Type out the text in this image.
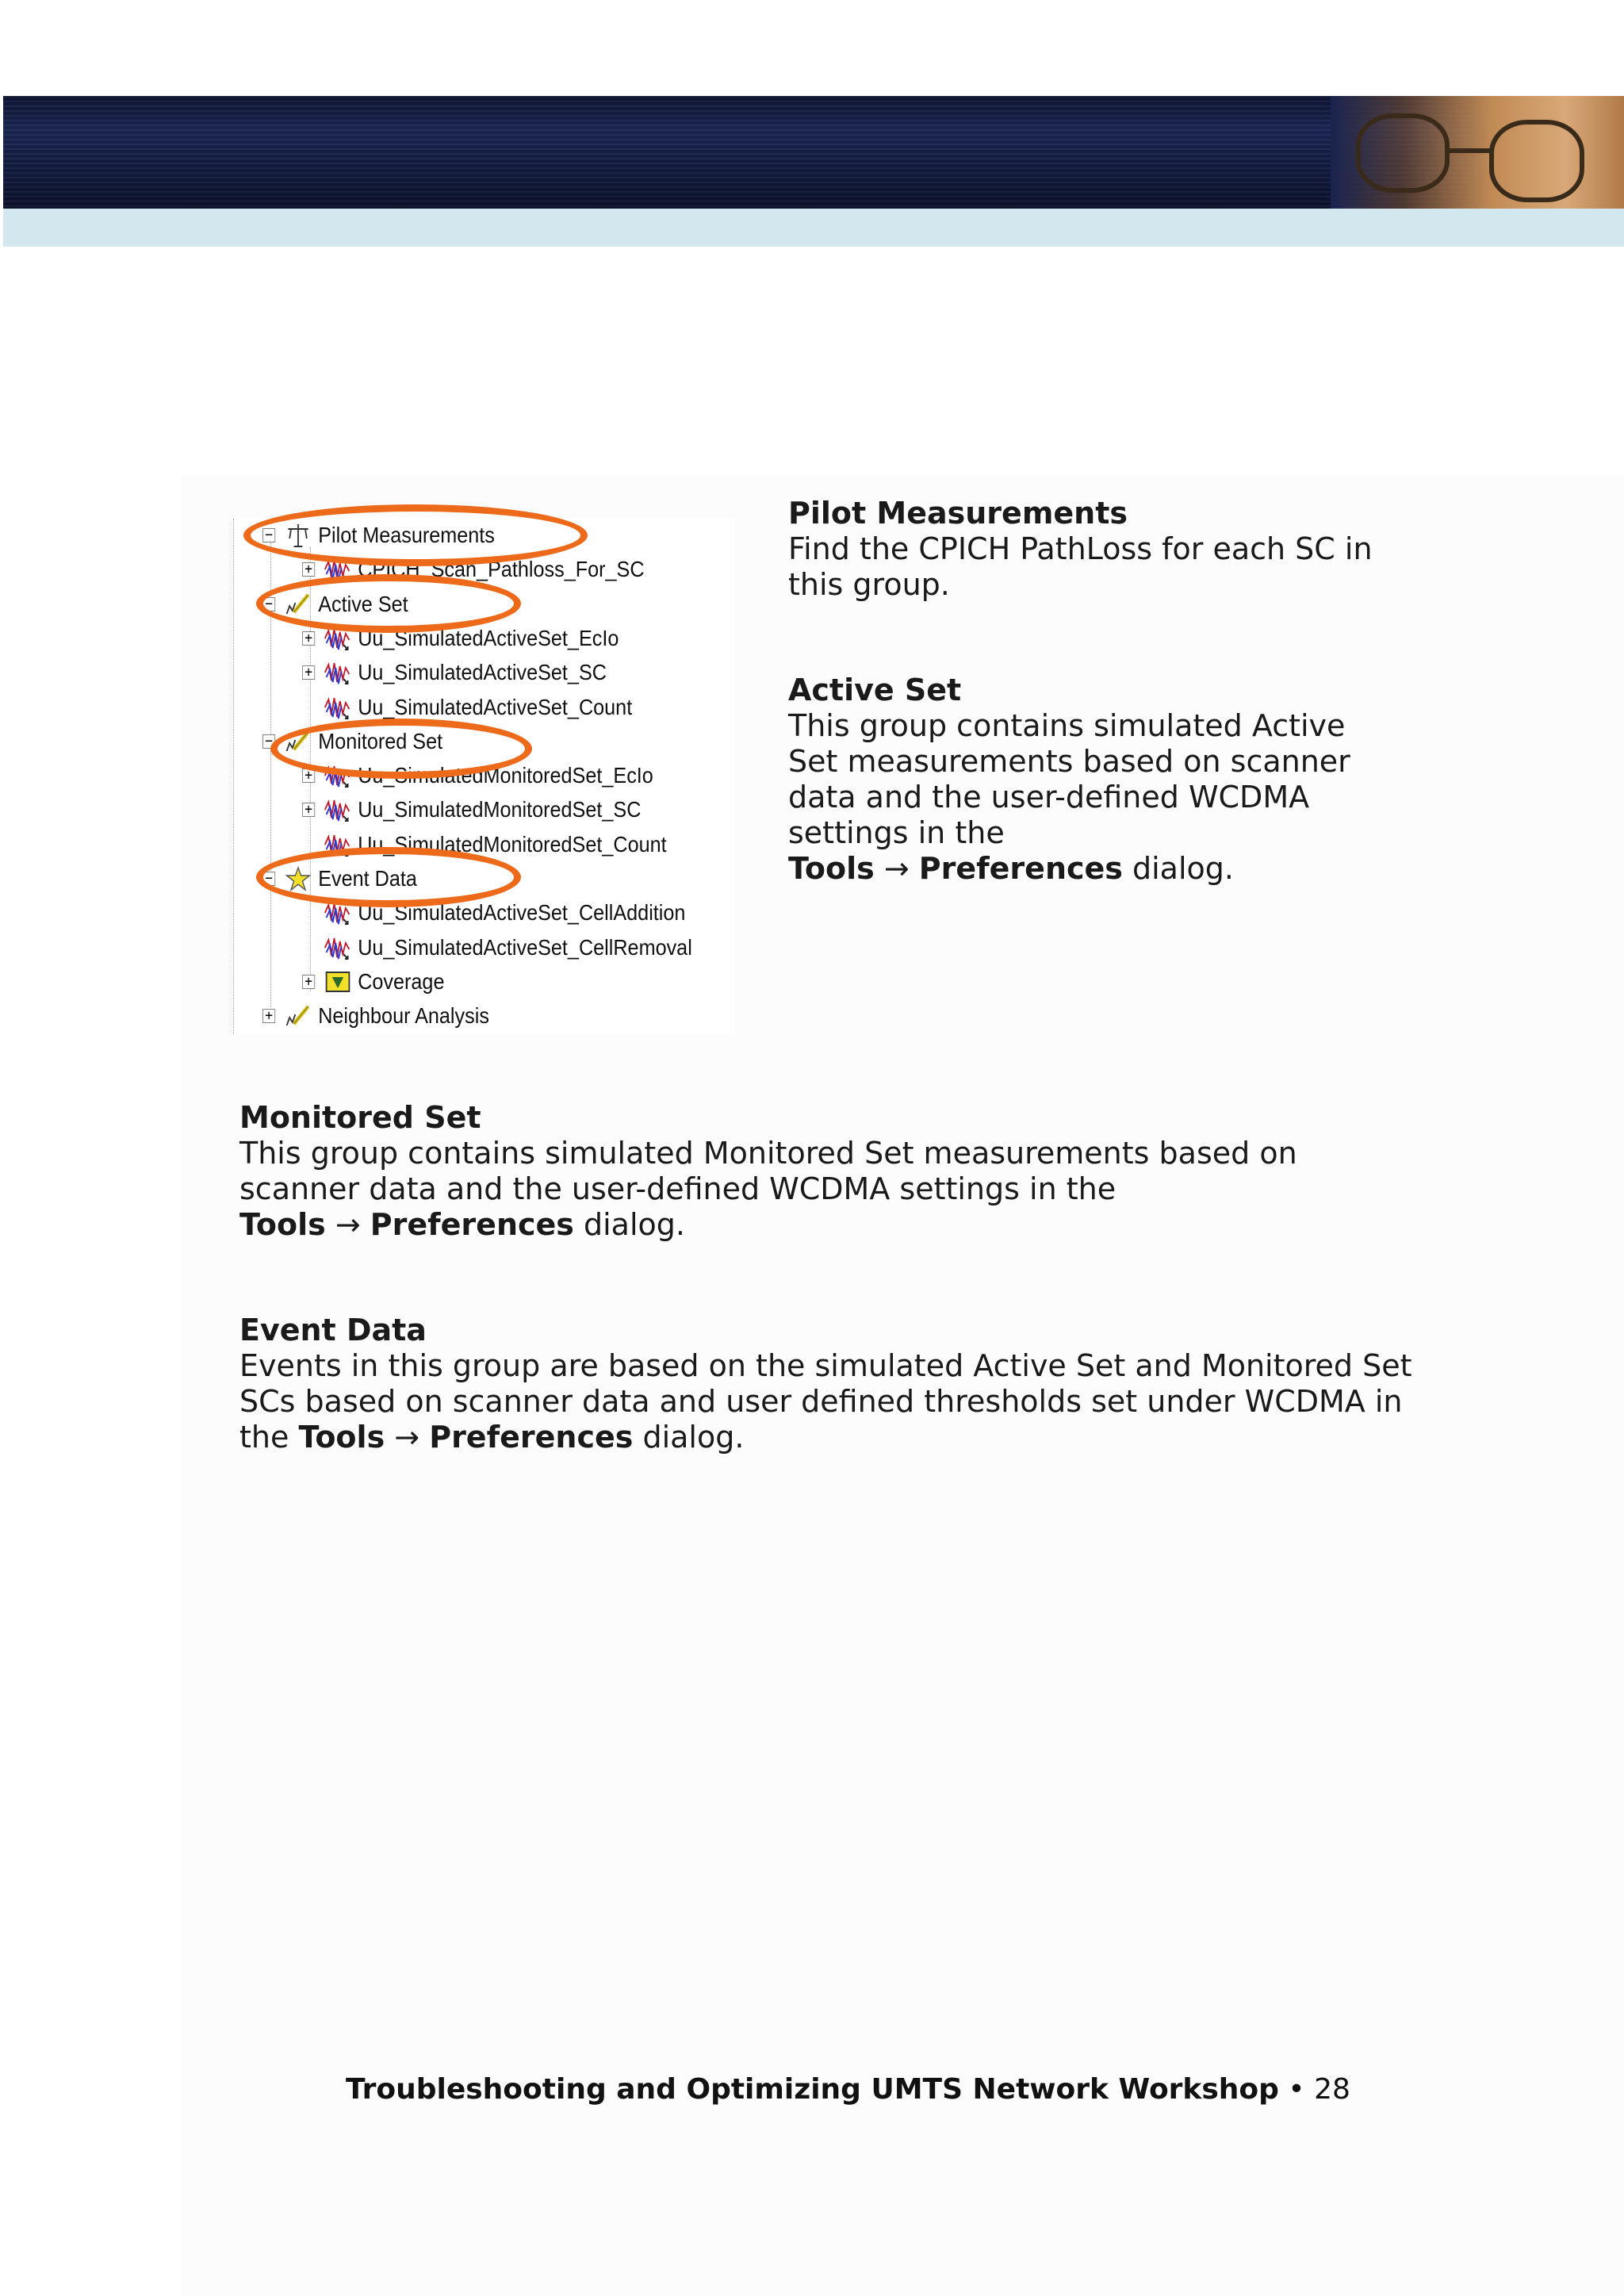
− Pilot Measurements
+ CPICH_Scan_Pathloss_For_SC
− Active Set
+ Uu_SimulatedActiveSet_EcIo
+ Uu_SimulatedActiveSet_SC
Uu_SimulatedActiveSet_Count
− Monitored Set
+ Uu_SimulatedMonitoredSet_EcIo
+ Uu_SimulatedMonitoredSet_SC
Uu_SimulatedMonitoredSet_Count
− Event Data
Uu_SimulatedActiveSet_CellAddition
Uu_SimulatedActiveSet_CellRemoval
+ Coverage
+ Neighbour Analysis
Pilot Measurements

Find the CPICH PathLoss for each SC in

this group.

Active Set

This group contains simulated Active

Set measurements based on scanner

data and the user-defined WCDMA

settings in the

Tools → Preferences dialog.

Monitored Set

This group contains simulated Monitored Set measurements based on

scanner data and the user-defined WCDMA settings in the

Tools → Preferences dialog.

Event Data

Events in this group are based on the simulated Active Set and Monitored Set

SCs based on scanner data and user defined thresholds set under WCDMA in

the Tools → Preferences dialog.

Troubleshooting and Optimizing UMTS Network Workshop • 28
